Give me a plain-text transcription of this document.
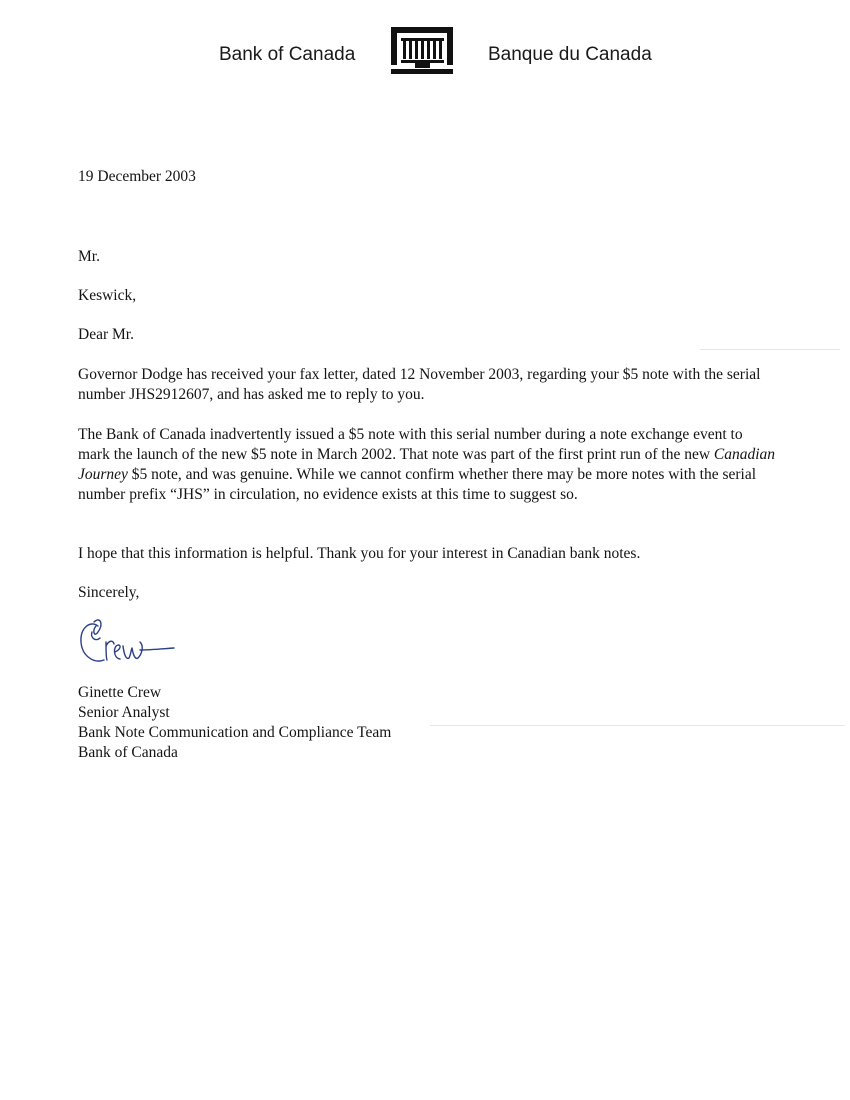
Bank of Canada	Banque du Canada
19 December 2003
Mr.
Keswick,
Dear Mr.

Governor Dodge has received your fax letter, dated 12 November 2003, regarding your $5 note with the serial number JHS2912607, and has asked me to reply to you.

The Bank of Canada inadvertently issued a $5 note with this serial number during a note exchange event to mark the launch of the new $5 note in March 2002. That note was part of the first print run of the new Canadian Journey $5 note, and was genuine. While we cannot confirm whether there may be more notes with the serial number prefix “JHS” in circulation, no evidence exists at this time to suggest so.

I hope that this information is helpful. Thank you for your interest in Canadian bank notes.
Sincerely,
Ginette Crew
Senior Analyst
Bank Note Communication and Compliance Team
Bank of Canada
